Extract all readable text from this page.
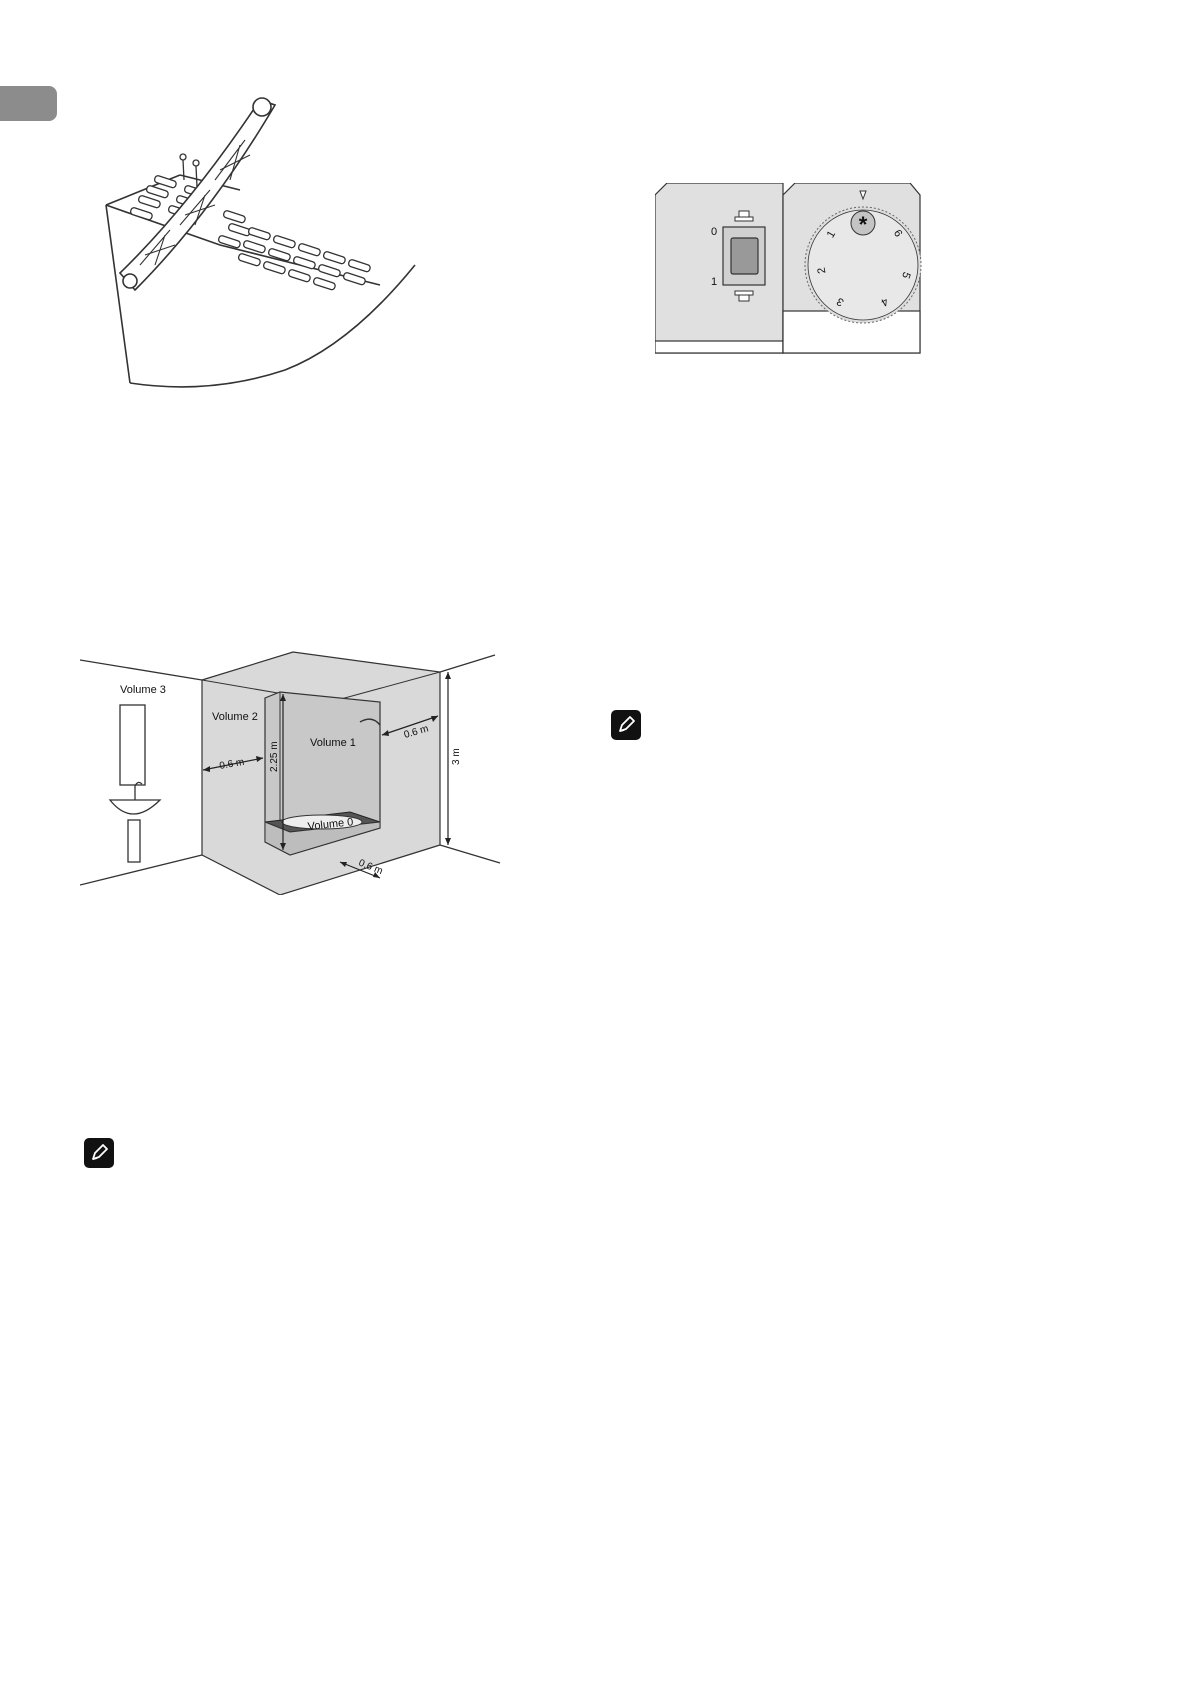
Volume 3
Volume 2
Volume 1
Volume 0
0.6 m
0.6 m
0.6 m
2.25 m	3 m
0
1
*
1
2
3	4
5
6
